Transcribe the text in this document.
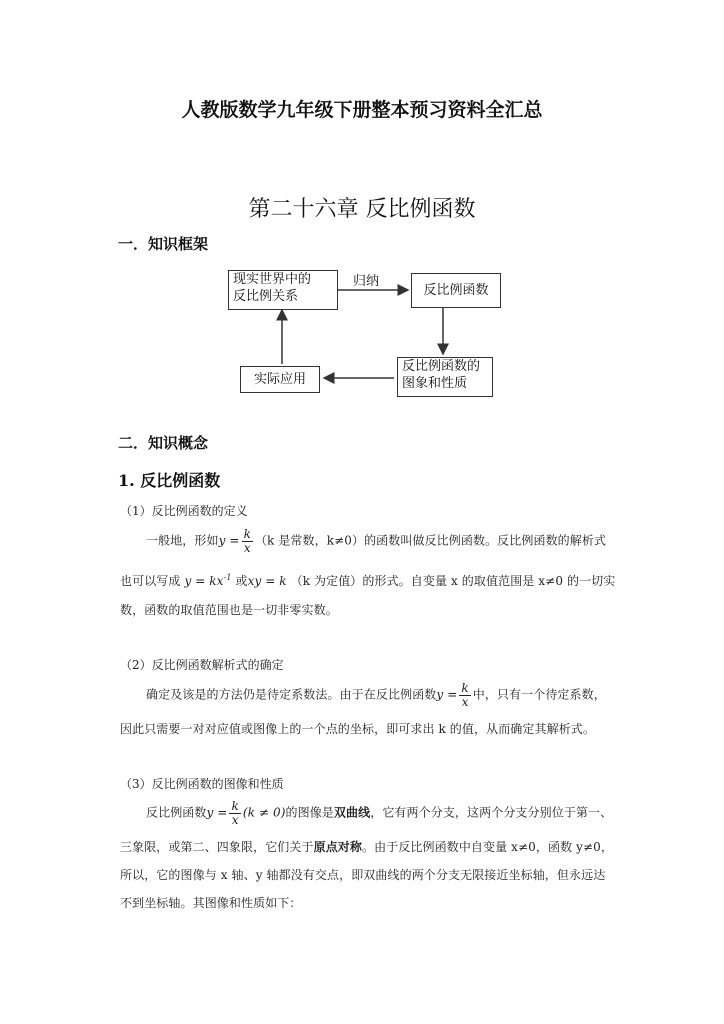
人教版数学九年级下册整本预习资料全汇总
第二十六章 反比例函数
一．知识框架
现实世界中的
反比例关系
归纳
反比例函数
反比例函数的
图象和性质
实际应用
二．知识概念
1. 反比例函数
（1）反比例函数的定义
一般地，形如$y = \frac{k}{x} (k$ 是常数，k≠0）的函数叫做反比例函数。反比例函数的解析式
也可以写成 $y = kx^{-1}$ 或xy = k （k 为定值）的形式。自变量 x 的取值范围是 x≠0 的一切实
数，函数的取值范围也是一切非零实数。
（2）反比例函数解析式的确定
确定及该是的方法仍是待定系数法。由于在反比例函数$y = \frac{k}{x}$ 中，只有一个待定系数，
因此只需要一对对应值或图像上的一个点的坐标，即可求出 k 的值，从而确定其解析式。
（3）反比例函数的图像和性质
反比例函数$y = \frac{k}{x} (k \ne 0)$的图像是双曲线，它有两个分支，这两个分支分别位于第一、
三象限，或第二、四象限，它们关于原点对称。由于反比例函数中自变量 x≠0，函数 y≠0，
所以，它的图像与 x 轴、y 轴都没有交点，即双曲线的两个分支无限接近坐标轴，但永远达
不到坐标轴。其图像和性质如下：
